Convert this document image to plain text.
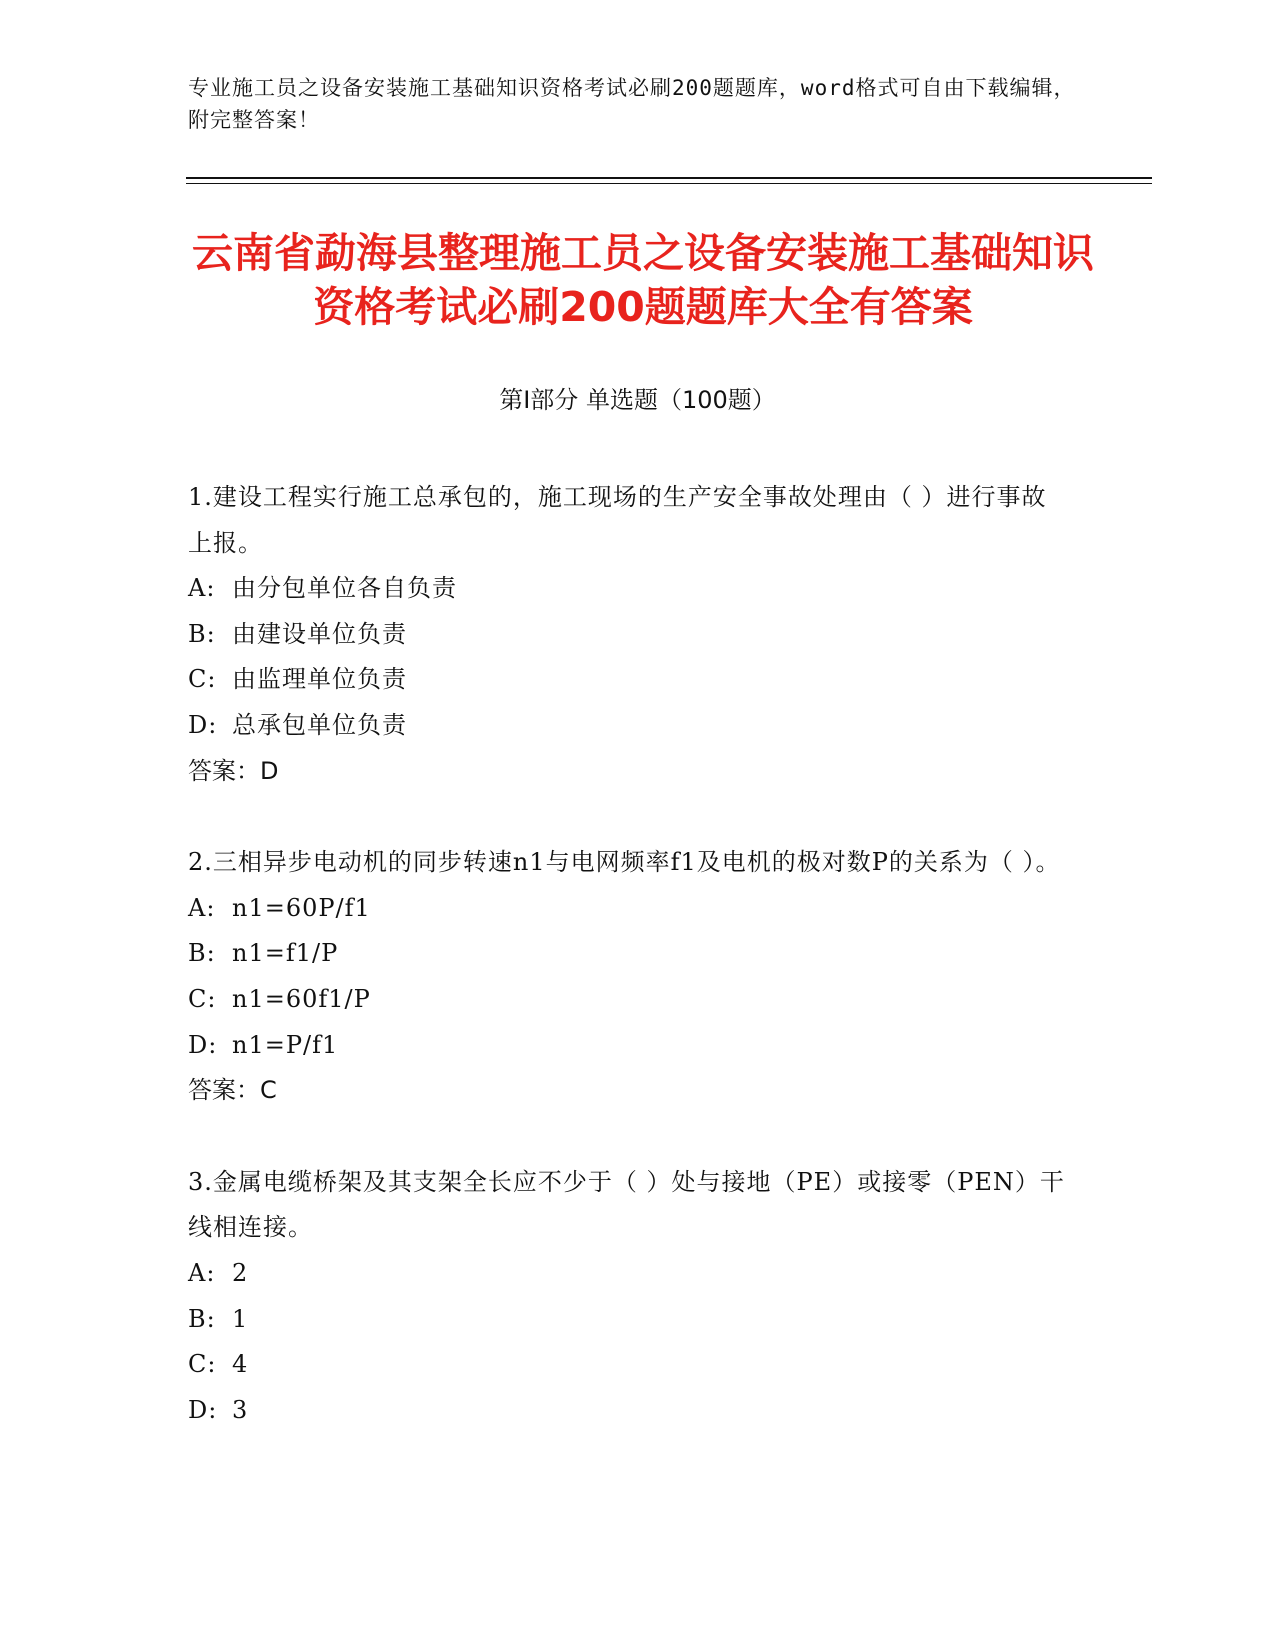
专业施工员之设备安装施工基础知识资格考试必刷200题题库，word格式可自由下载编辑，附完整答案！
云南省勐海县整理施工员之设备安装施工基础知识资格考试必刷200题题库大全有答案
第I部分 单选题（100题）

1.建设工程实行施工总承包的，施工现场的生产安全事故处理由（ ）进行事故上报。

A: 由分包单位各自负责

B: 由建设单位负责

C: 由监理单位负责

D: 总承包单位负责

答案：D

2.三相异步电动机的同步转速n1与电网频率f1及电机的极对数P的关系为（ ）。

A: n1=60P/f1

B: n1=f1/P

C: n1=60f1/P

D: n1=P/f1

答案：C

3.金属电缆桥架及其支架全长应不少于（ ）处与接地（PE）或接零（PEN）干线相连接。

A: 2

B: 1

C: 4

D: 3
